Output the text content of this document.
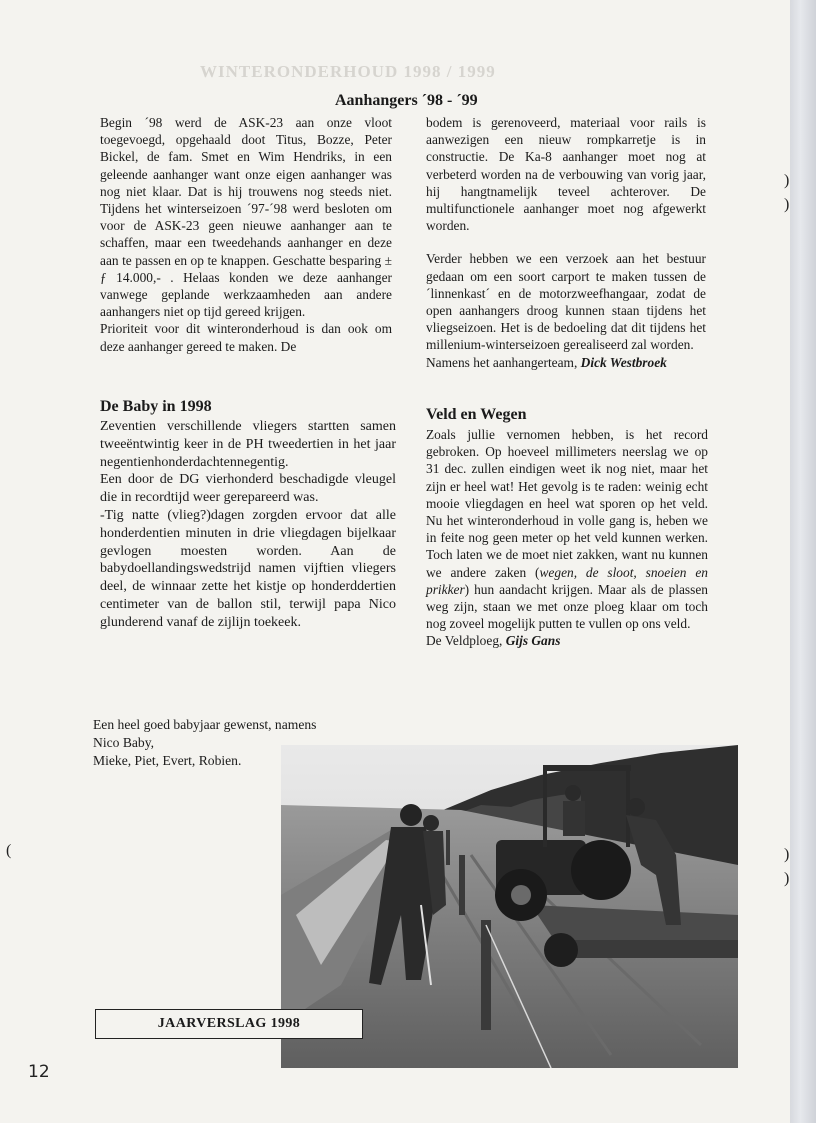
WINTERONDERHOUD 1998 / 1999
Aanhangers ´98 - ´99

Begin ´98 werd de ASK-23 aan onze vloot toegevoegd, opgehaald doot Titus, Bozze, Peter Bickel, de fam. Smet en Wim Hendriks, in een geleende aanhanger want onze eigen aanhanger was nog niet klaar. Dat is hij trouwens nog steeds niet. Tijdens het winterseizoen ´97-´98 werd besloten om voor de ASK-23 geen nieuwe aanhanger aan te schaffen, maar een tweedehands aanhanger en deze aan te passen en op te knappen. Geschatte besparing ± ƒ 14.000,- . Helaas konden we deze aanhanger vanwege geplande werkzaamheden aan andere aanhangers niet op tijd gereed krijgen.

Prioriteit voor dit winteronderhoud is dan ook om deze aanhanger gereed te maken. De

bodem is gerenoveerd, materiaal voor rails is aanwezigen een nieuw rompkarretje is in constructie. De Ka-8 aanhanger moet nog at verbeterd worden na de verbouwing van vorig jaar, hij hangtnamelijk teveel achterover. De multifunctionele aanhanger moet nog afgewerkt worden.

Verder hebben we een verzoek aan het bestuur gedaan om een soort carport te maken tussen de ´linnenkast´ en de motorzweefhangaar, zodat de open aanhangers droog kunnen staan tijdens het vliegseizoen. Het is de bedoeling dat dit tijdens het millenium-winterseizoen gerealiseerd zal worden.

Namens het aanhangerteam, Dick Westbroek

De Baby in 1998

Zeventien verschillende vliegers startten samen tweeëntwintig keer in de PH tweedertien in het jaar negentienhonderdachtennegentig.

Een door de DG vierhonderd beschadigde vleugel die in recordtijd weer gerepareerd was.

-Tig natte (vlieg?)dagen zorgden ervoor dat alle honderdentien minuten in drie vliegdagen bijelkaar gevlogen moesten worden. Aan de babydoellandingswedstrijd namen vijftien vliegers deel, de winnaar zette het kistje op honderddertien centimeter van de ballon stil, terwijl papa Nico glunderend vanaf de zijlijn toekeek.

Een heel goed babyjaar gewenst, namens

Nico Baby,

Mieke, Piet, Evert, Robien.

Veld en Wegen

Zoals jullie vernomen hebben, is het record gebroken. Op hoeveel millimeters neerslag we op 31 dec. zullen eindigen weet ik nog niet, maar het zijn er heel wat! Het gevolg is te raden: weinig echt mooie vliegdagen en heel wat sporen op het veld. Nu het winteronderhoud in volle gang is, heben we in feite nog geen meter op het veld kunnen werken. Toch laten we de moet niet zakken, want nu kunnen we andere zaken (wegen, de sloot, snoeien en prikker) hun aandacht krijgen. Maar als de plassen weg zijn, staan we met onze ploeg klaar om toch nog zoveel mogelijk putten te vullen op ons veld.

De Veldploeg, Gijs Gans

JAARVERSLAG 1998
12
)
)
)
)
(
